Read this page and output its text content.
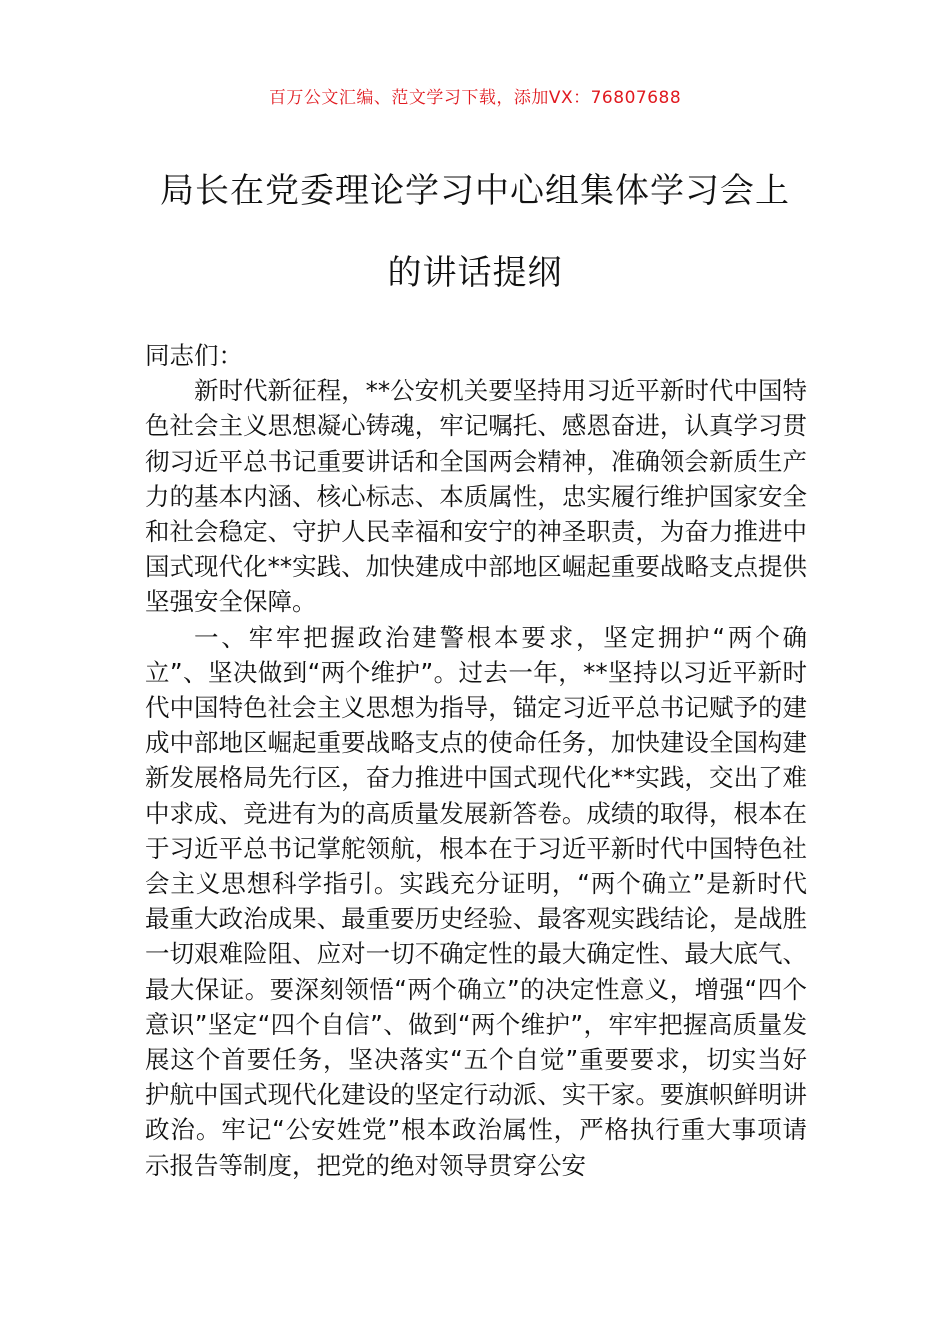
百万公文汇编、范文学习下载，添加VX：76807688
局长在党委理论学习中心组集体学习会上
的讲话提纲

同志们：

新时代新征程，**公安机关要坚持用习近平新时代中国特色社会主义思想凝心铸魂，牢记嘱托、感恩奋进，认真学习贯彻习近平总书记重要讲话和全国两会精神，准确领会新质生产力的基本内涵、核心标志、本质属性，忠实履行维护国家安全和社会稳定、守护人民幸福和安宁的神圣职责，为奋力推进中国式现代化**实践、加快建成中部地区崛起重要战略支点提供坚强安全保障。

一、牢牢把握政治建警根本要求，坚定拥护“两个确立”、坚决做到“两个维护”。过去一年，**坚持以习近平新时代中国特色社会主义思想为指导，锚定习近平总书记赋予的建成中部地区崛起重要战略支点的使命任务，加快建设全国构建新发展格局先行区，奋力推进中国式现代化**实践，交出了难中求成、竞进有为的高质量发展新答卷。成绩的取得，根本在于习近平总书记掌舵领航，根本在于习近平新时代中国特色社会主义思想科学指引。实践充分证明，“两个确立”是新时代最重大政治成果、最重要历史经验、最客观实践结论，是战胜一切艰难险阻、应对一切不确定性的最大确定性、最大底气、最大保证。要深刻领悟“两个确立”的决定性意义，增强“四个意识”坚定“四个自信”、做到“两个维护”，牢牢把握高质量发展这个首要任务，坚决落实“五个自觉”重要要求，切实当好护航中国式现代化建设的坚定行动派、实干家。要旗帜鲜明讲政治。牢记“公安姓党”根本政治属性，严格执行重大事项请示报告等制度，把党的绝对领导贯穿公安
